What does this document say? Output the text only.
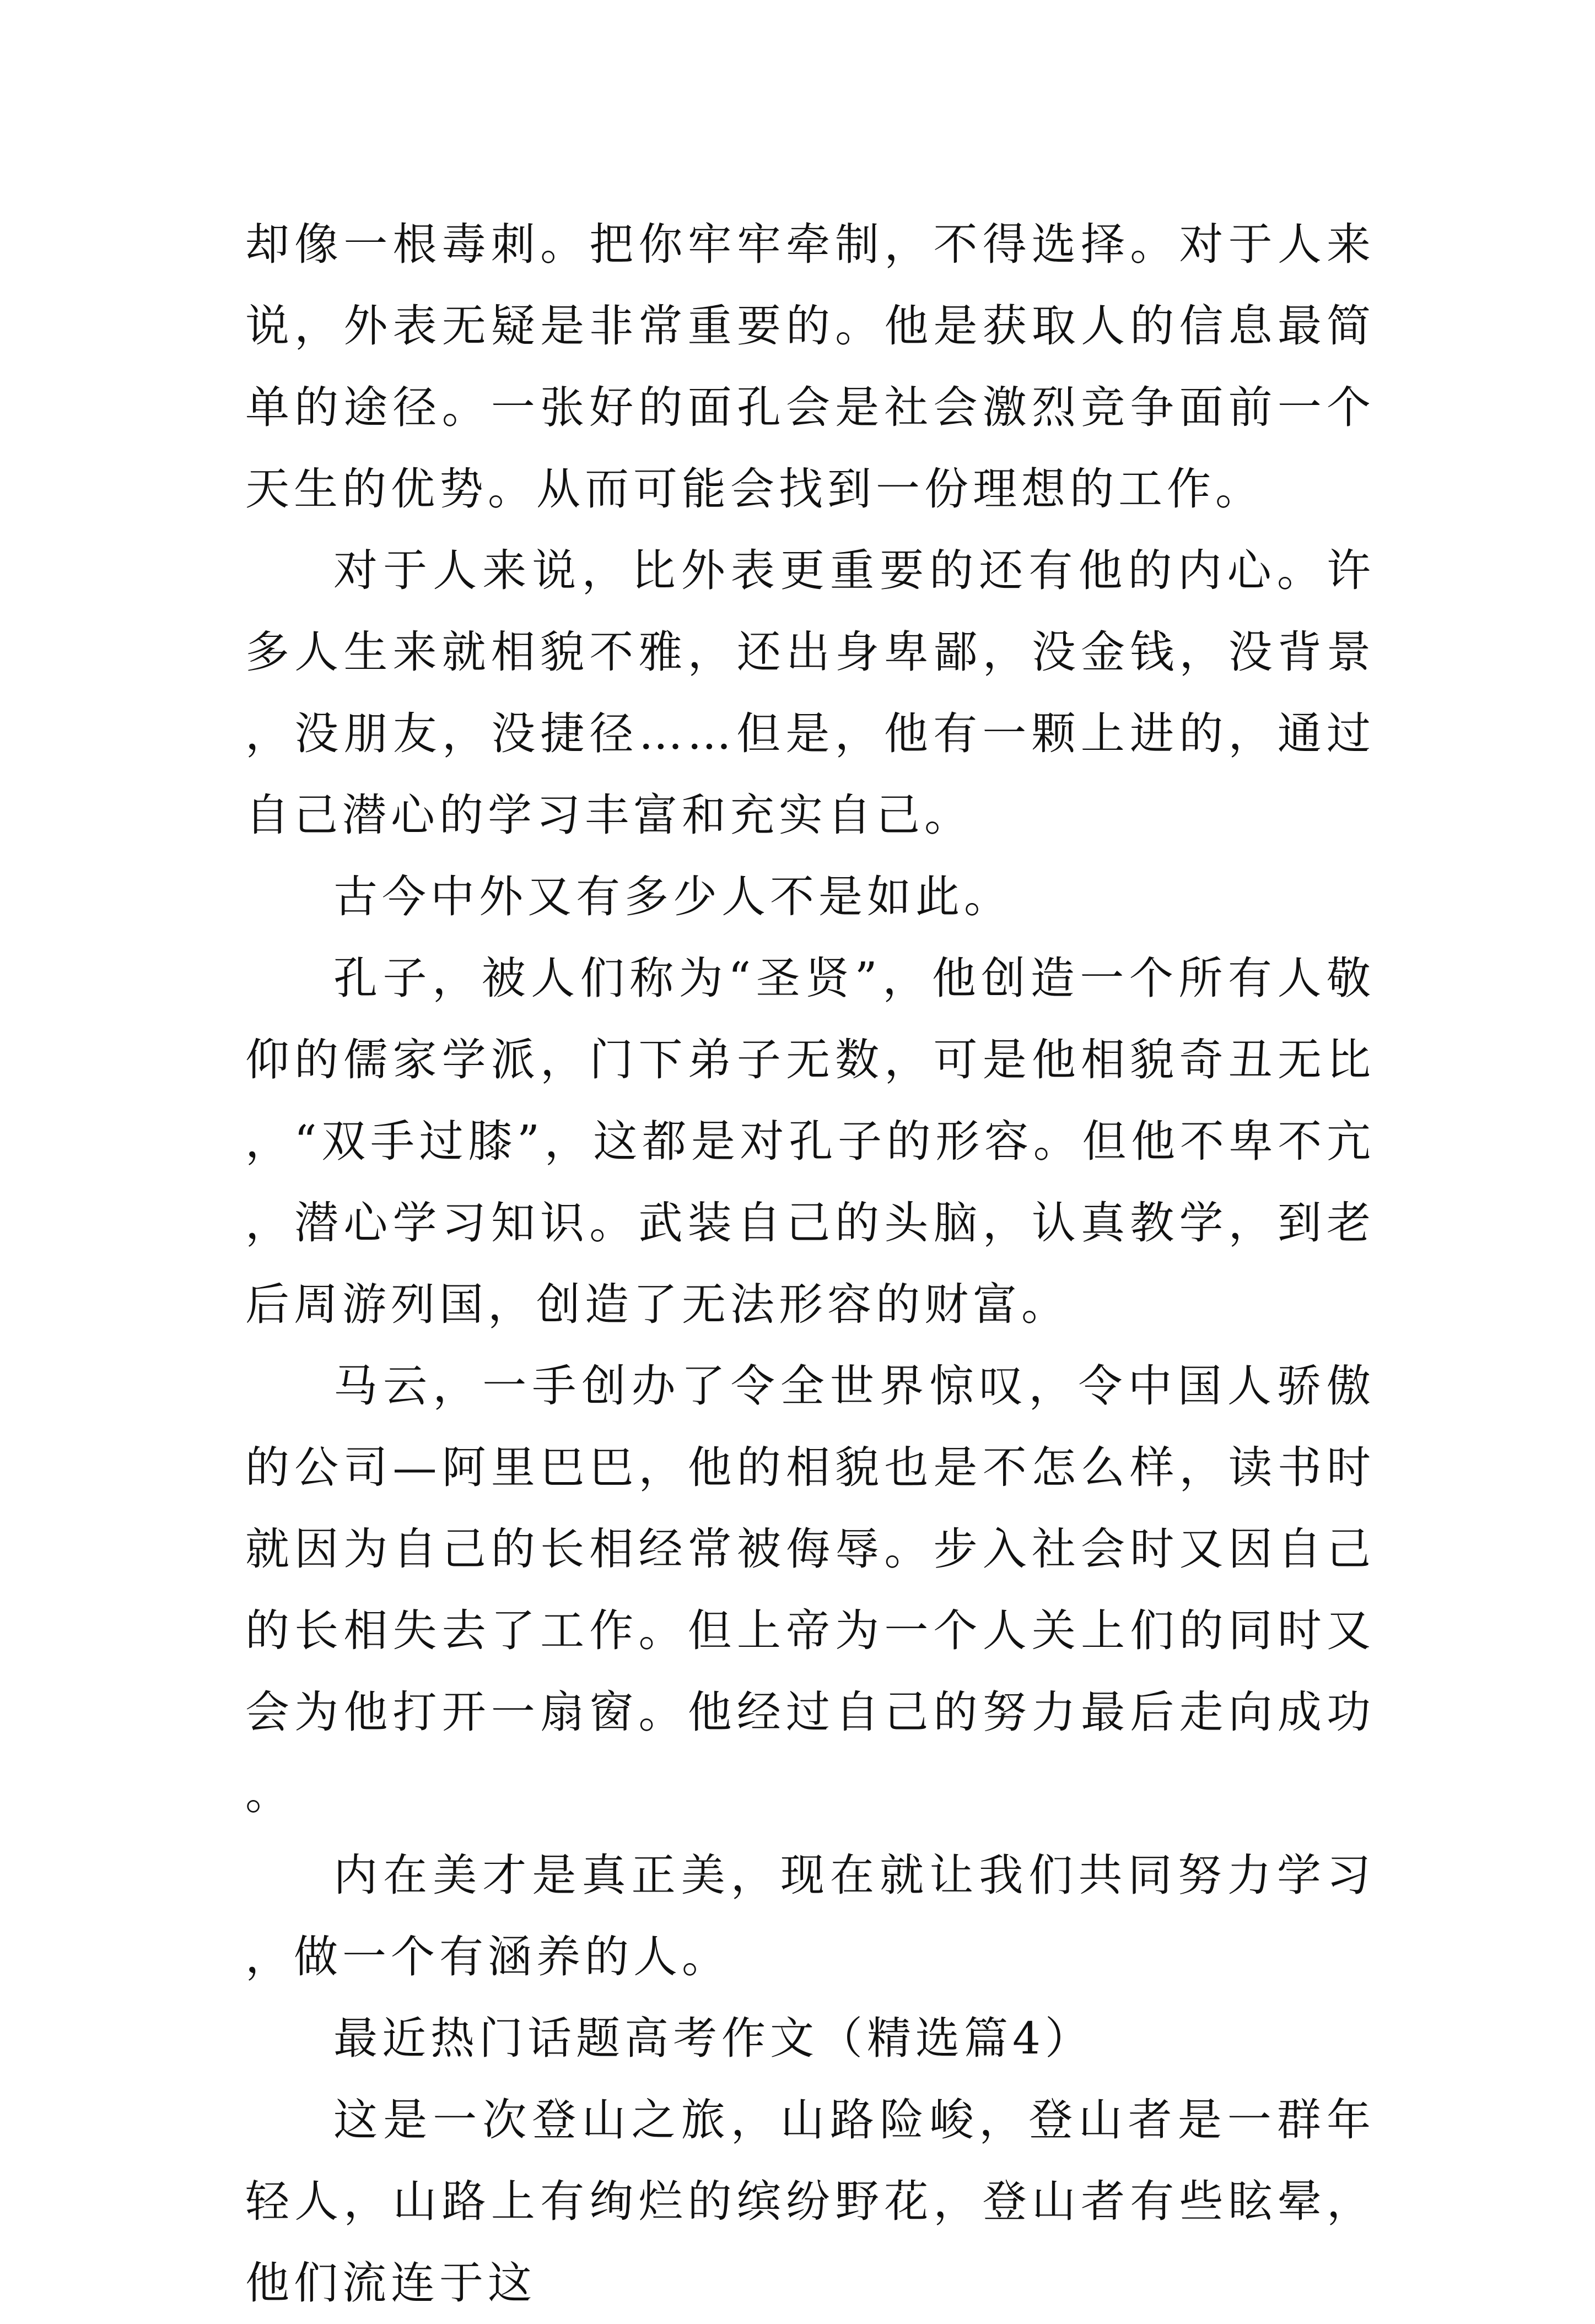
却像一根毒刺。把你牢牢牵制，不得选择。对于人来说，外表无疑是非常重要的。他是获取人的信息最简单的途径。一张好的面孔会是社会激烈竞争面前一个天生的优势。从而可能会找到一份理想的工作。

对于人来说，比外表更重要的还有他的内心。许多人生来就相貌不雅，还出身卑鄙，没金钱，没背景，没朋友，没捷径……但是，他有一颗上进的，通过自己潜心的学习丰富和充实自己。

古今中外又有多少人不是如此。

孔子，被人们称为“圣贤”，他创造一个所有人敬仰的儒家学派，门下弟子无数，可是他相貌奇丑无比，“双手过膝”，这都是对孔子的形容。但他不卑不亢，潜心学习知识。武装自己的头脑，认真教学，到老后周游列国，创造了无法形容的财富。

马云，一手创办了令全世界惊叹，令中国人骄傲的公司—阿里巴巴，他的相貌也是不怎么样，读书时就因为自己的长相经常被侮辱。步入社会时又因自己的长相失去了工作。但上帝为一个人关上们的同时又会为他打开一扇窗。他经过自己的努力最后走向成功。

内在美才是真正美，现在就让我们共同努力学习，做一个有涵养的人。

最近热门话题高考作文（精选篇4）

这是一次登山之旅，山路险峻，登山者是一群年轻人，山路上有绚烂的缤纷野花，登山者有些眩晕，他们流连于这
